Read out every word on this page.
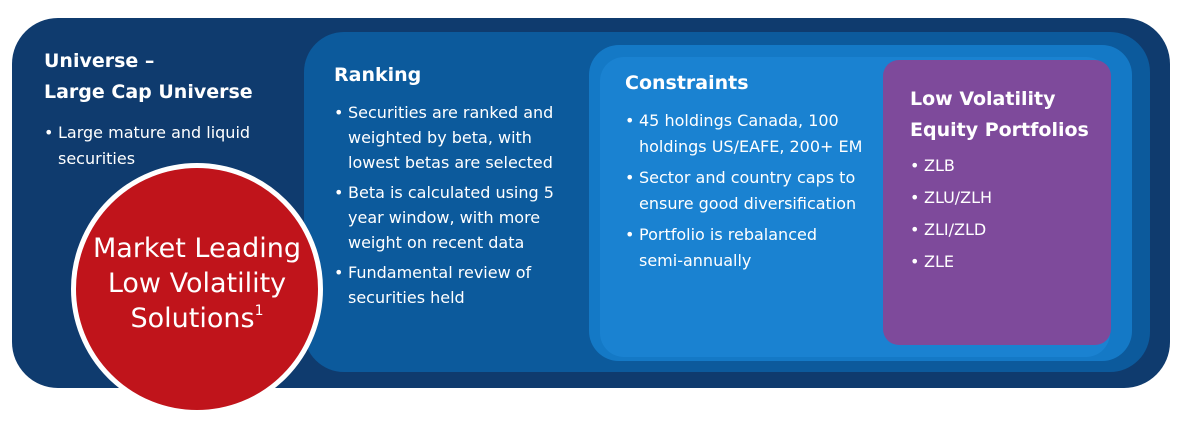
Universe –
Large Cap Universe
• Large mature and liquid securities
Ranking
• Securities are ranked and weighted by beta, with lowest betas are selected
• Beta is calculated using 5 year window, with more weight on recent data
• Fundamental review of securities held
Constraints
• 45 holdings Canada, 100 holdings US/EAFE, 200+ EM
• Sector and country caps to ensure good diversification
• Portfolio is rebalanced semi-annually
Low Volatility
Equity Portfolios
• ZLB
• ZLU/ZLH
• ZLI/ZLD
• ZLE
Market Leading
Low Volatility
Solutions$^1$
